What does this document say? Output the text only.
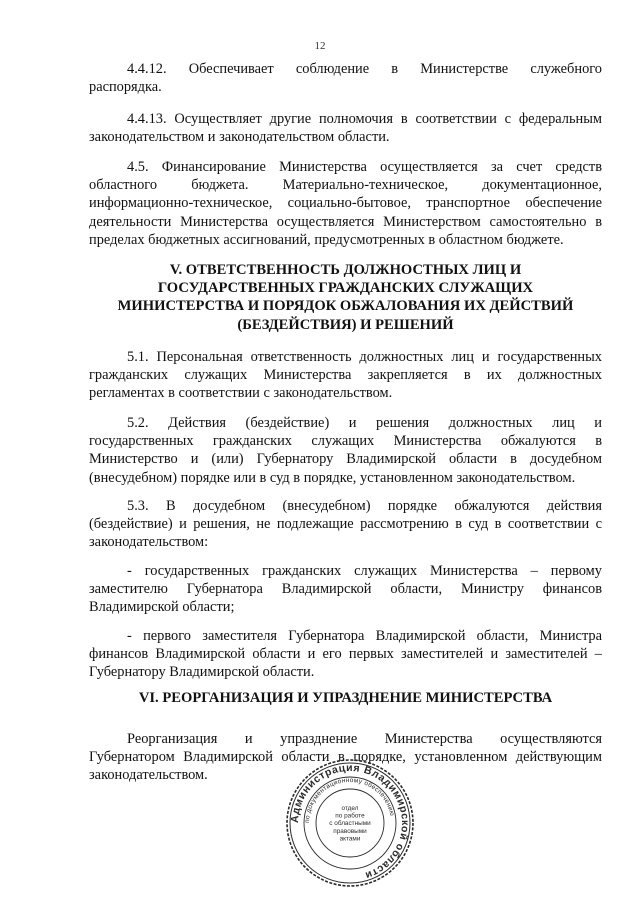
12
4.4.12. Обеспечивает соблюдение в Министерстве служебного
распорядка.
4.4.13. Осуществляет другие полномочия в соответствии с федеральным
законодательством и законодательством области.
4.5. Финансирование Министерства осуществляется за счет средств
областного бюджета. Материально-техническое, документационное,
информационно-техническое, социально-бытовое, транспортное обеспечение
деятельности Министерства осуществляется Министерством самостоятельно в
пределах бюджетных ассигнований, предусмотренных в областном бюджете.
V. ОТВЕТСТВЕННОСТЬ ДОЛЖНОСТНЫХ ЛИЦ И
ГОСУДАРСТВЕННЫХ ГРАЖДАНСКИХ СЛУЖАЩИХ
МИНИСТЕРСТВА И ПОРЯДОК ОБЖАЛОВАНИЯ ИХ ДЕЙСТВИЙ
(БЕЗДЕЙСТВИЯ) И РЕШЕНИЙ
5.1. Персональная ответственность должностных лиц и государственных
гражданских служащих Министерства закрепляется в их должностных
регламентах в соответствии с законодательством.
5.2. Действия (бездействие) и решения должностных лиц и
государственных гражданских служащих Министерства обжалуются в
Министерство и (или) Губернатору Владимирской области в досудебном
(внесудебном) порядке или в суд в порядке, установленном законодательством.
5.3. В досудебном (внесудебном) порядке обжалуются действия
(бездействие) и решения, не подлежащие рассмотрению в суд в соответствии с
законодательством:
- государственных гражданских служащих Министерства – первому
заместителю Губернатора Владимирской области, Министру финансов
Владимирской области;
- первого заместителя Губернатора Владимирской области, Министра
финансов Владимирской области и его первых заместителей и заместителей –
Губернатору Владимирской области.
VI. РЕОРГАНИЗАЦИЯ И УПРАЗДНЕНИЕ МИНИСТЕРСТВА
Реорганизация и упразднение Министерства осуществляются
Губернатором Владимирской области в порядке, установленном действующим
законодательством.
Администрация Владимирской области
по документационному обеспечению
отдел
по работе
с областными
правовыми
актами
